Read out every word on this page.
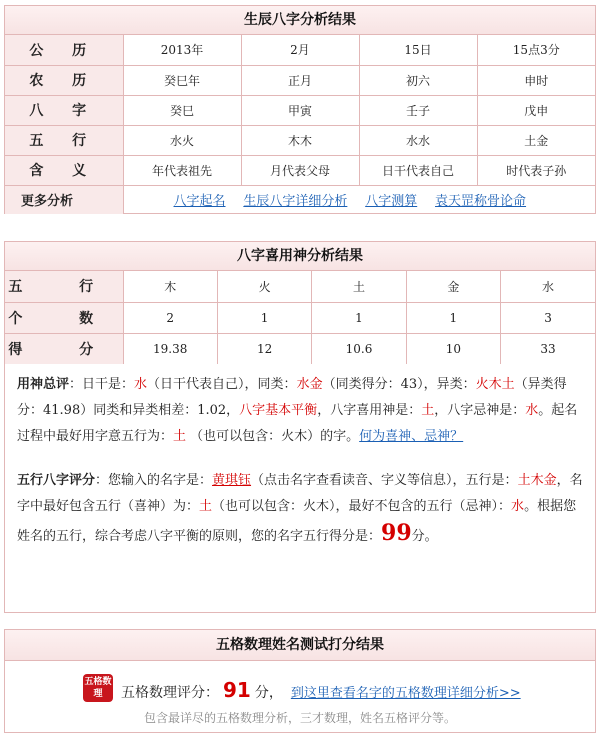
生辰八字分析结果
公 历	2013年	2月	15日	15点3分
农 历	癸巳年	正月	初六	申时
八 字	癸巳	甲寅	壬子	戊申
五 行	水火	木木	水水	土金
含 义	年代表祖先	月代表父母	日干代表自己	时代表子孙
更多分析	八字起名 生辰八字详细分析 八字测算 袁天罡称骨论命			
八字喜用神分析结果
五 行	木	火	土	金	水
个 数	2	1	1	1	3
得 分	19.38	12	10.6	10	33

用神总评：日干是：水（日干代表自己），同类：水金（同类得分：43），异类：火木土（异类得分：41.98）同类和异类相差：1.02，八字基本平衡，八字喜用神是：土，八字忌神是：水。起名过程中最好用字意五行为：土 （也可以包含：火木）的字。何为喜神、忌神？

五行八字评分：您输入的名字是：黄琪钰（点击名字查看读音、字义等信息），五行是：土木金，名字中最好包含五行（喜神）为：土（也可以包含：火木），最好不包含的五行（忌神）：水。根据您姓名的五行，综合考虑八字平衡的原则，您的名字五行得分是：99分。

五格数理姓名测试打分结果
五格数理	五格数理评分： 91 分， 到这里查看名字的五格数理详细分析>>
包含最详尽的五格数理分析，三才数理，姓名五格评分等。
